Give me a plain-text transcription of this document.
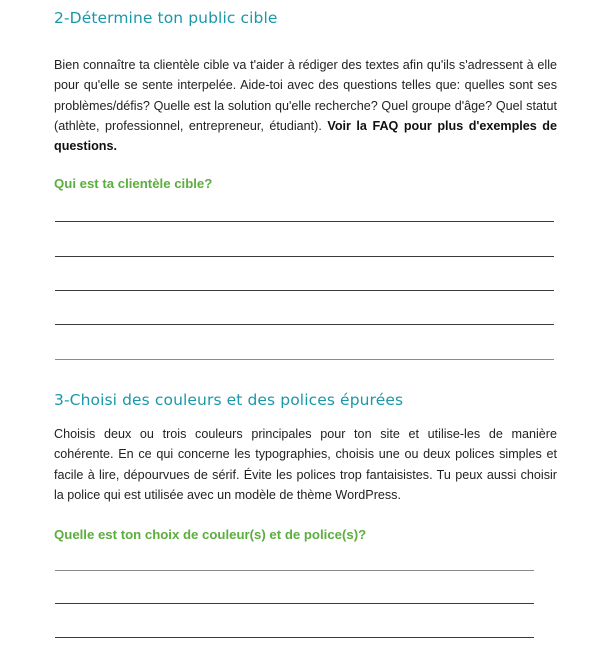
2-Détermine ton public cible

Bien connaître ta clientèle cible va t'aider à rédiger des textes afin qu'ils s'adressent à elle pour qu'elle se sente interpelée. Aide-toi avec des questions telles que: quelles sont ses problèmes/défis? Quelle est la solution qu'elle recherche? Quel groupe d'âge? Quel statut (athlète, professionnel, entrepreneur, étudiant). Voir la FAQ pour plus d'exemples de questions.

Qui est ta clientèle cible?

3-Choisi des couleurs et des polices épurées

Choisis deux ou trois couleurs principales pour ton site et utilise-les de manière cohérente. En ce qui concerne les typographies, choisis une ou deux polices simples et facile à lire, dépourvues de sérif. Évite les polices trop fantaisistes. Tu peux aussi choisir la police qui est utilisée avec un modèle de thème WordPress.

Quelle est ton choix de couleur(s) et de police(s)?
